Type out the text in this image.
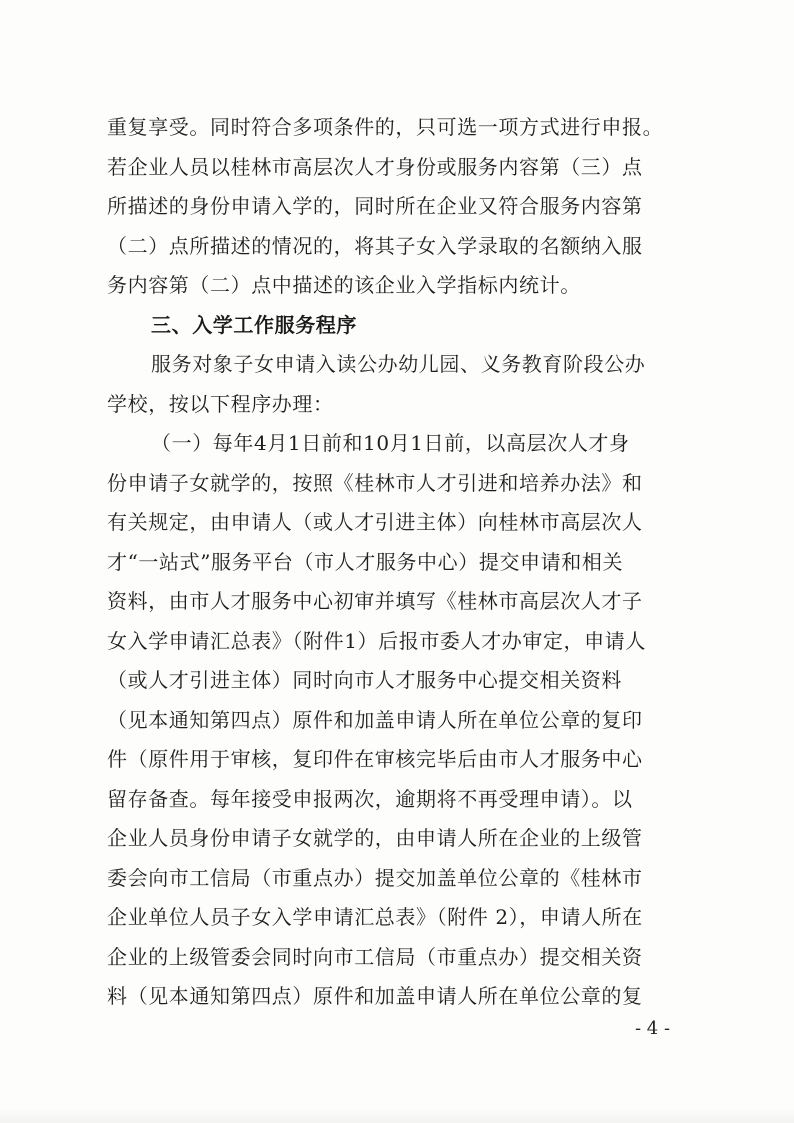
重复享受。同时符合多项条件的，只可选一项方式进行申报。
若企业人员以桂林市高层次人才身份或服务内容第（三）点
所描述的身份申请入学的，同时所在企业又符合服务内容第
（二）点所描述的情况的，将其子女入学录取的名额纳入服
务内容第（二）点中描述的该企业入学指标内统计。
三、入学工作服务程序
服务对象子女申请入读公办幼儿园、义务教育阶段公办
学校，按以下程序办理：
（一）每年4月1日前和10月1日前，以高层次人才身
份申请子女就学的，按照《桂林市人才引进和培养办法》和
有关规定，由申请人（或人才引进主体）向桂林市高层次人
才“一站式”服务平台（市人才服务中心）提交申请和相关
资料，由市人才服务中心初审并填写《桂林市高层次人才子
女入学申请汇总表》（附件1）后报市委人才办审定，申请人
（或人才引进主体）同时向市人才服务中心提交相关资料
（见本通知第四点）原件和加盖申请人所在单位公章的复印
件（原件用于审核，复印件在审核完毕后由市人才服务中心
留存备查。每年接受申报两次，逾期将不再受理申请）。以
企业人员身份申请子女就学的，由申请人所在企业的上级管
委会向市工信局（市重点办）提交加盖单位公章的《桂林市
企业单位人员子女入学申请汇总表》（附件 2），申请人所在
企业的上级管委会同时向市工信局（市重点办）提交相关资
料（见本通知第四点）原件和加盖申请人所在单位公章的复
- 4 -
